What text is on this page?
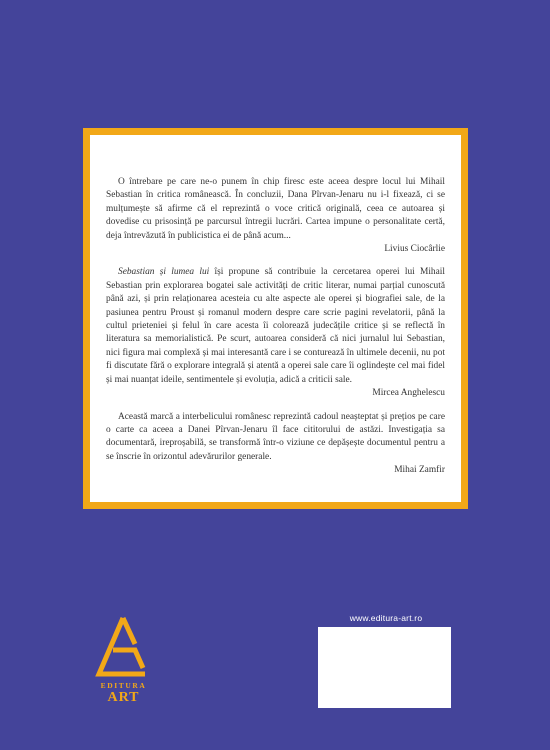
O întrebare pe care ne-o punem în chip firesc este aceea despre locul lui Mihail Sebastian în critica românească. În concluzii, Dana Pîrvan-Jenaru nu i-l fixează, ci se mulțumește să afirme că el reprezintă o voce critică originală, ceea ce autoarea și dovedise cu prisosință pe parcursul întregii lucrări. Cartea impune o personalitate certă, deja întrevăzută în publicistica ei de până acum...

Livius Ciocârlie

Sebastian și lumea lui își propune să contribuie la cercetarea operei lui Mihail Sebastian prin explorarea bogatei sale activități de critic literar, numai parțial cunoscută până azi, și prin relaționarea acesteia cu alte aspecte ale operei și biografiei sale, de la pasiunea pentru Proust și romanul modern despre care scrie pagini revelatorii, până la cultul prieteniei și felul în care acesta îi colorează judecățile critice și se reflectă în literatura sa memorialistică. Pe scurt, autoarea consideră că nici jurnalul lui Sebastian, nici figura mai complexă și mai interesantă care i se conturează în ultimele decenii, nu pot fi discutate fără o explorare integrală și atentă a operei sale care îi oglindește cel mai fidel și mai nuanțat ideile, sentimentele și evoluția, adică a criticii sale.

Mircea Anghelescu

Această marcă a interbelicului românesc reprezintă cadoul neașteptat și prețios pe care o carte ca aceea a Danei Pîrvan-Jenaru îl face cititorului de astăzi. Investigația sa documentară, ireproșabilă, se transformă într-o viziune ce depășește documentul pentru a se înscrie în orizontul adevărurilor generale.

Mihai Zamfir

EDITURA
ART
www.editura-art.ro
